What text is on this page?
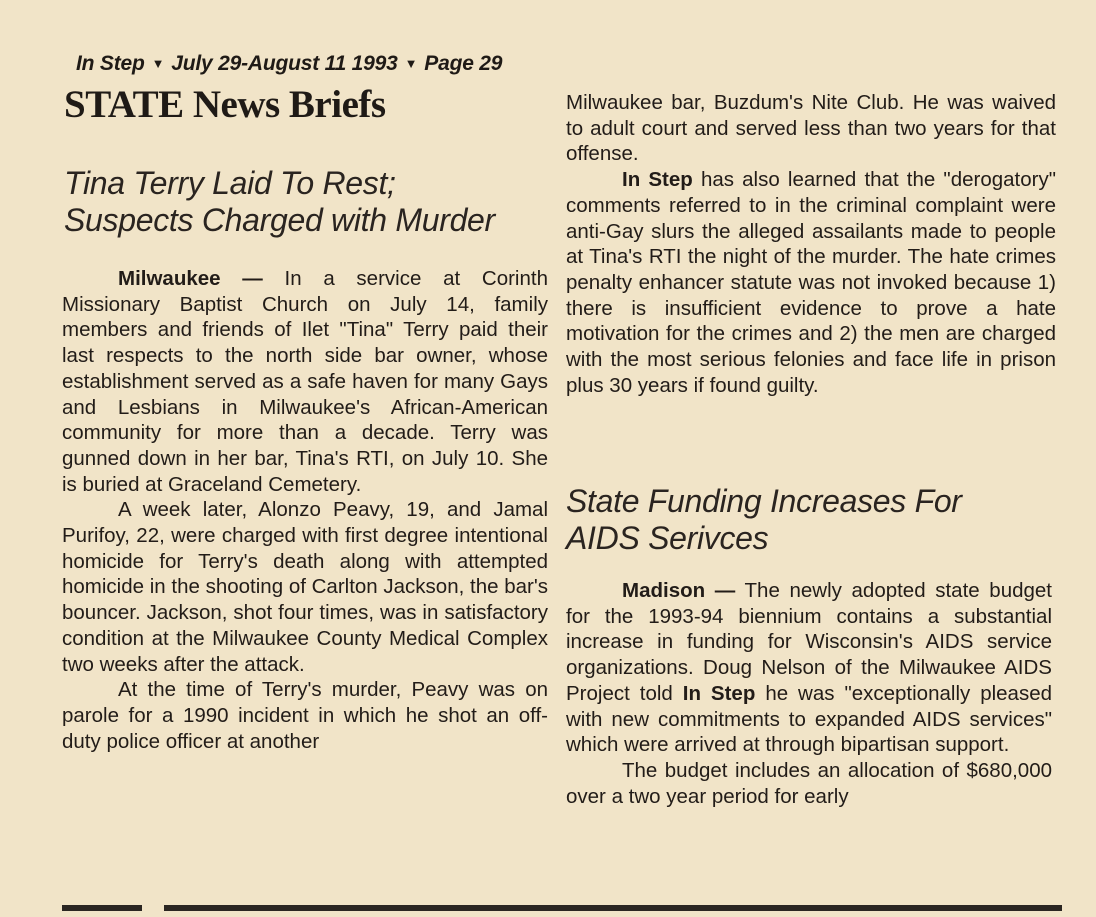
In Step ▼ July 29-August 11 1993 ▼ Page 29
STATE News Briefs
Tina Terry Laid To Rest;
Suspects Charged with Murder

Milwaukee — In a service at Corinth Missionary Baptist Church on July 14, family members and friends of Ilet "Tina" Terry paid their last respects to the north side bar owner, whose establishment served as a safe haven for many Gays and Lesbians in Milwaukee's African-American community for more than a decade. Terry was gunned down in her bar, Tina's RTI, on July 10. She is buried at Graceland Cemetery.

A week later, Alonzo Peavy, 19, and Jamal Purifoy, 22, were charged with first degree intentional homicide for Terry's death along with attempted homicide in the shooting of Carlton Jackson, the bar's bouncer. Jackson, shot four times, was in satisfactory condition at the Milwaukee County Medical Complex two weeks after the attack.

At the time of Terry's murder, Peavy was on parole for a 1990 incident in which he shot an off-duty police officer at another

Milwaukee bar, Buzdum's Nite Club. He was waived to adult court and served less than two years for that offense.

In Step has also learned that the "derogatory" comments referred to in the criminal complaint were anti-Gay slurs the alleged assailants made to people at Tina's RTI the night of the murder. The hate crimes penalty enhancer statute was not invoked because 1) there is insufficient evidence to prove a hate motivation for the crimes and 2) the men are charged with the most serious felonies and face life in prison plus 30 years if found guilty.

State Funding Increases For
AIDS Serivces

Madison — The newly adopted state budget for the 1993-94 biennium contains a substantial increase in funding for Wisconsin's AIDS service organizations. Doug Nelson of the Milwaukee AIDS Project told In Step he was "exceptionally pleased with new commitments to expanded AIDS services" which were arrived at through bipartisan support.

The budget includes an allocation of $680,000 over a two year period for early
